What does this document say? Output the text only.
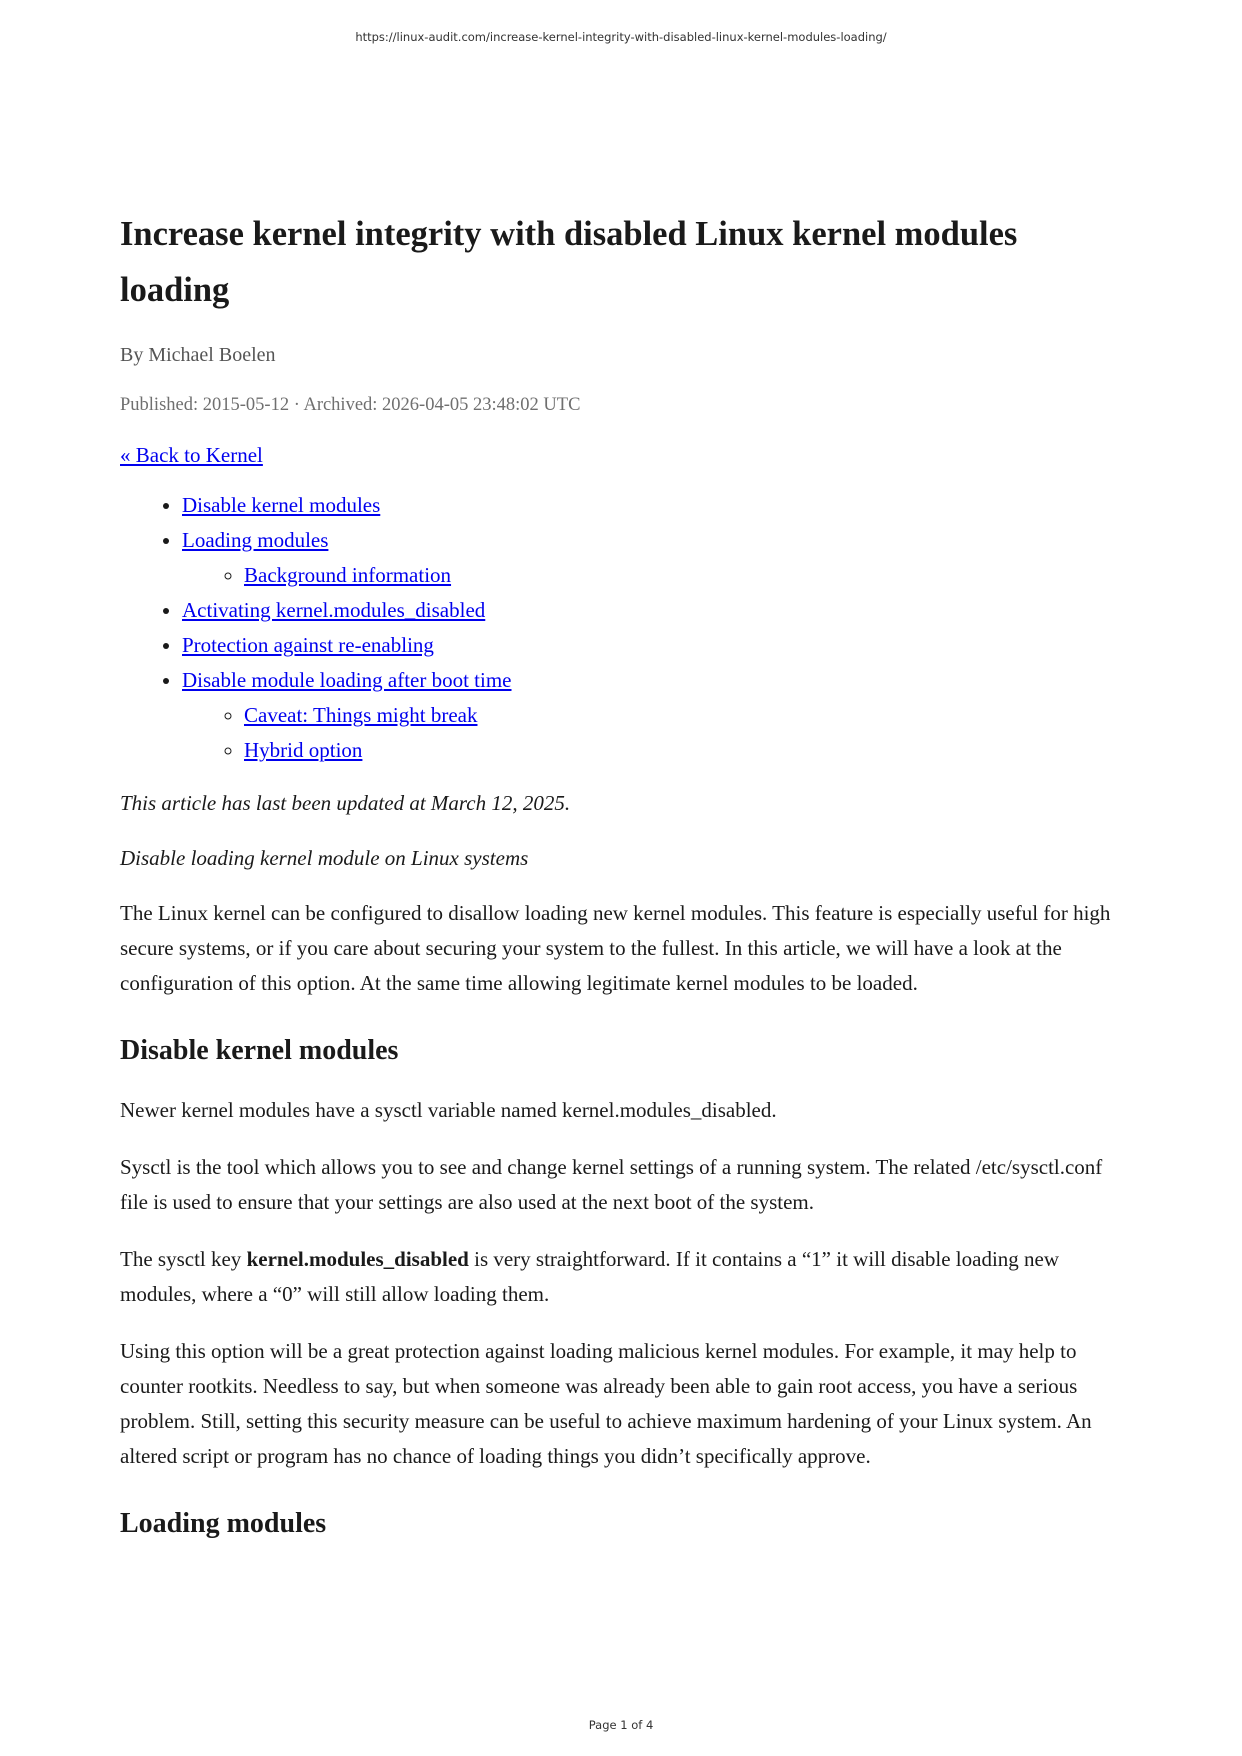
https://linux-audit.com/increase-kernel-integrity-with-disabled-linux-kernel-modules-loading/
Increase kernel integrity with disabled Linux kernel modules loading
By Michael Boelen
Published: 2015-05-12 · Archived: 2026-04-05 23:48:02 UTC
« Back to Kernel
• Disable kernel modules
• Loading modules
◦ Background information
• Activating kernel.modules_disabled
• Protection against re-enabling
• Disable module loading after boot time
◦ Caveat: Things might break
◦ Hybrid option

This article has last been updated at March 12, 2025.

Disable loading kernel module on Linux systems

The Linux kernel can be configured to disallow loading new kernel modules. This feature is especially useful for high secure systems, or if you care about securing your system to the fullest. In this article, we will have a look at the configuration of this option. At the same time allowing legitimate kernel modules to be loaded.

Disable kernel modules

Newer kernel modules have a sysctl variable named kernel.modules_disabled.

Sysctl is the tool which allows you to see and change kernel settings of a running system. The related /etc/sysctl.conf file is used to ensure that your settings are also used at the next boot of the system.

The sysctl key kernel.modules_disabled is very straightforward. If it contains a “1” it will disable loading new modules, where a “0” will still allow loading them.

Using this option will be a great protection against loading malicious kernel modules. For example, it may help to counter rootkits. Needless to say, but when someone was already been able to gain root access, you have a serious problem. Still, setting this security measure can be useful to achieve maximum hardening of your Linux system. An altered script or program has no chance of loading things you didn’t specifically approve.

Loading modules
Page 1 of 4
